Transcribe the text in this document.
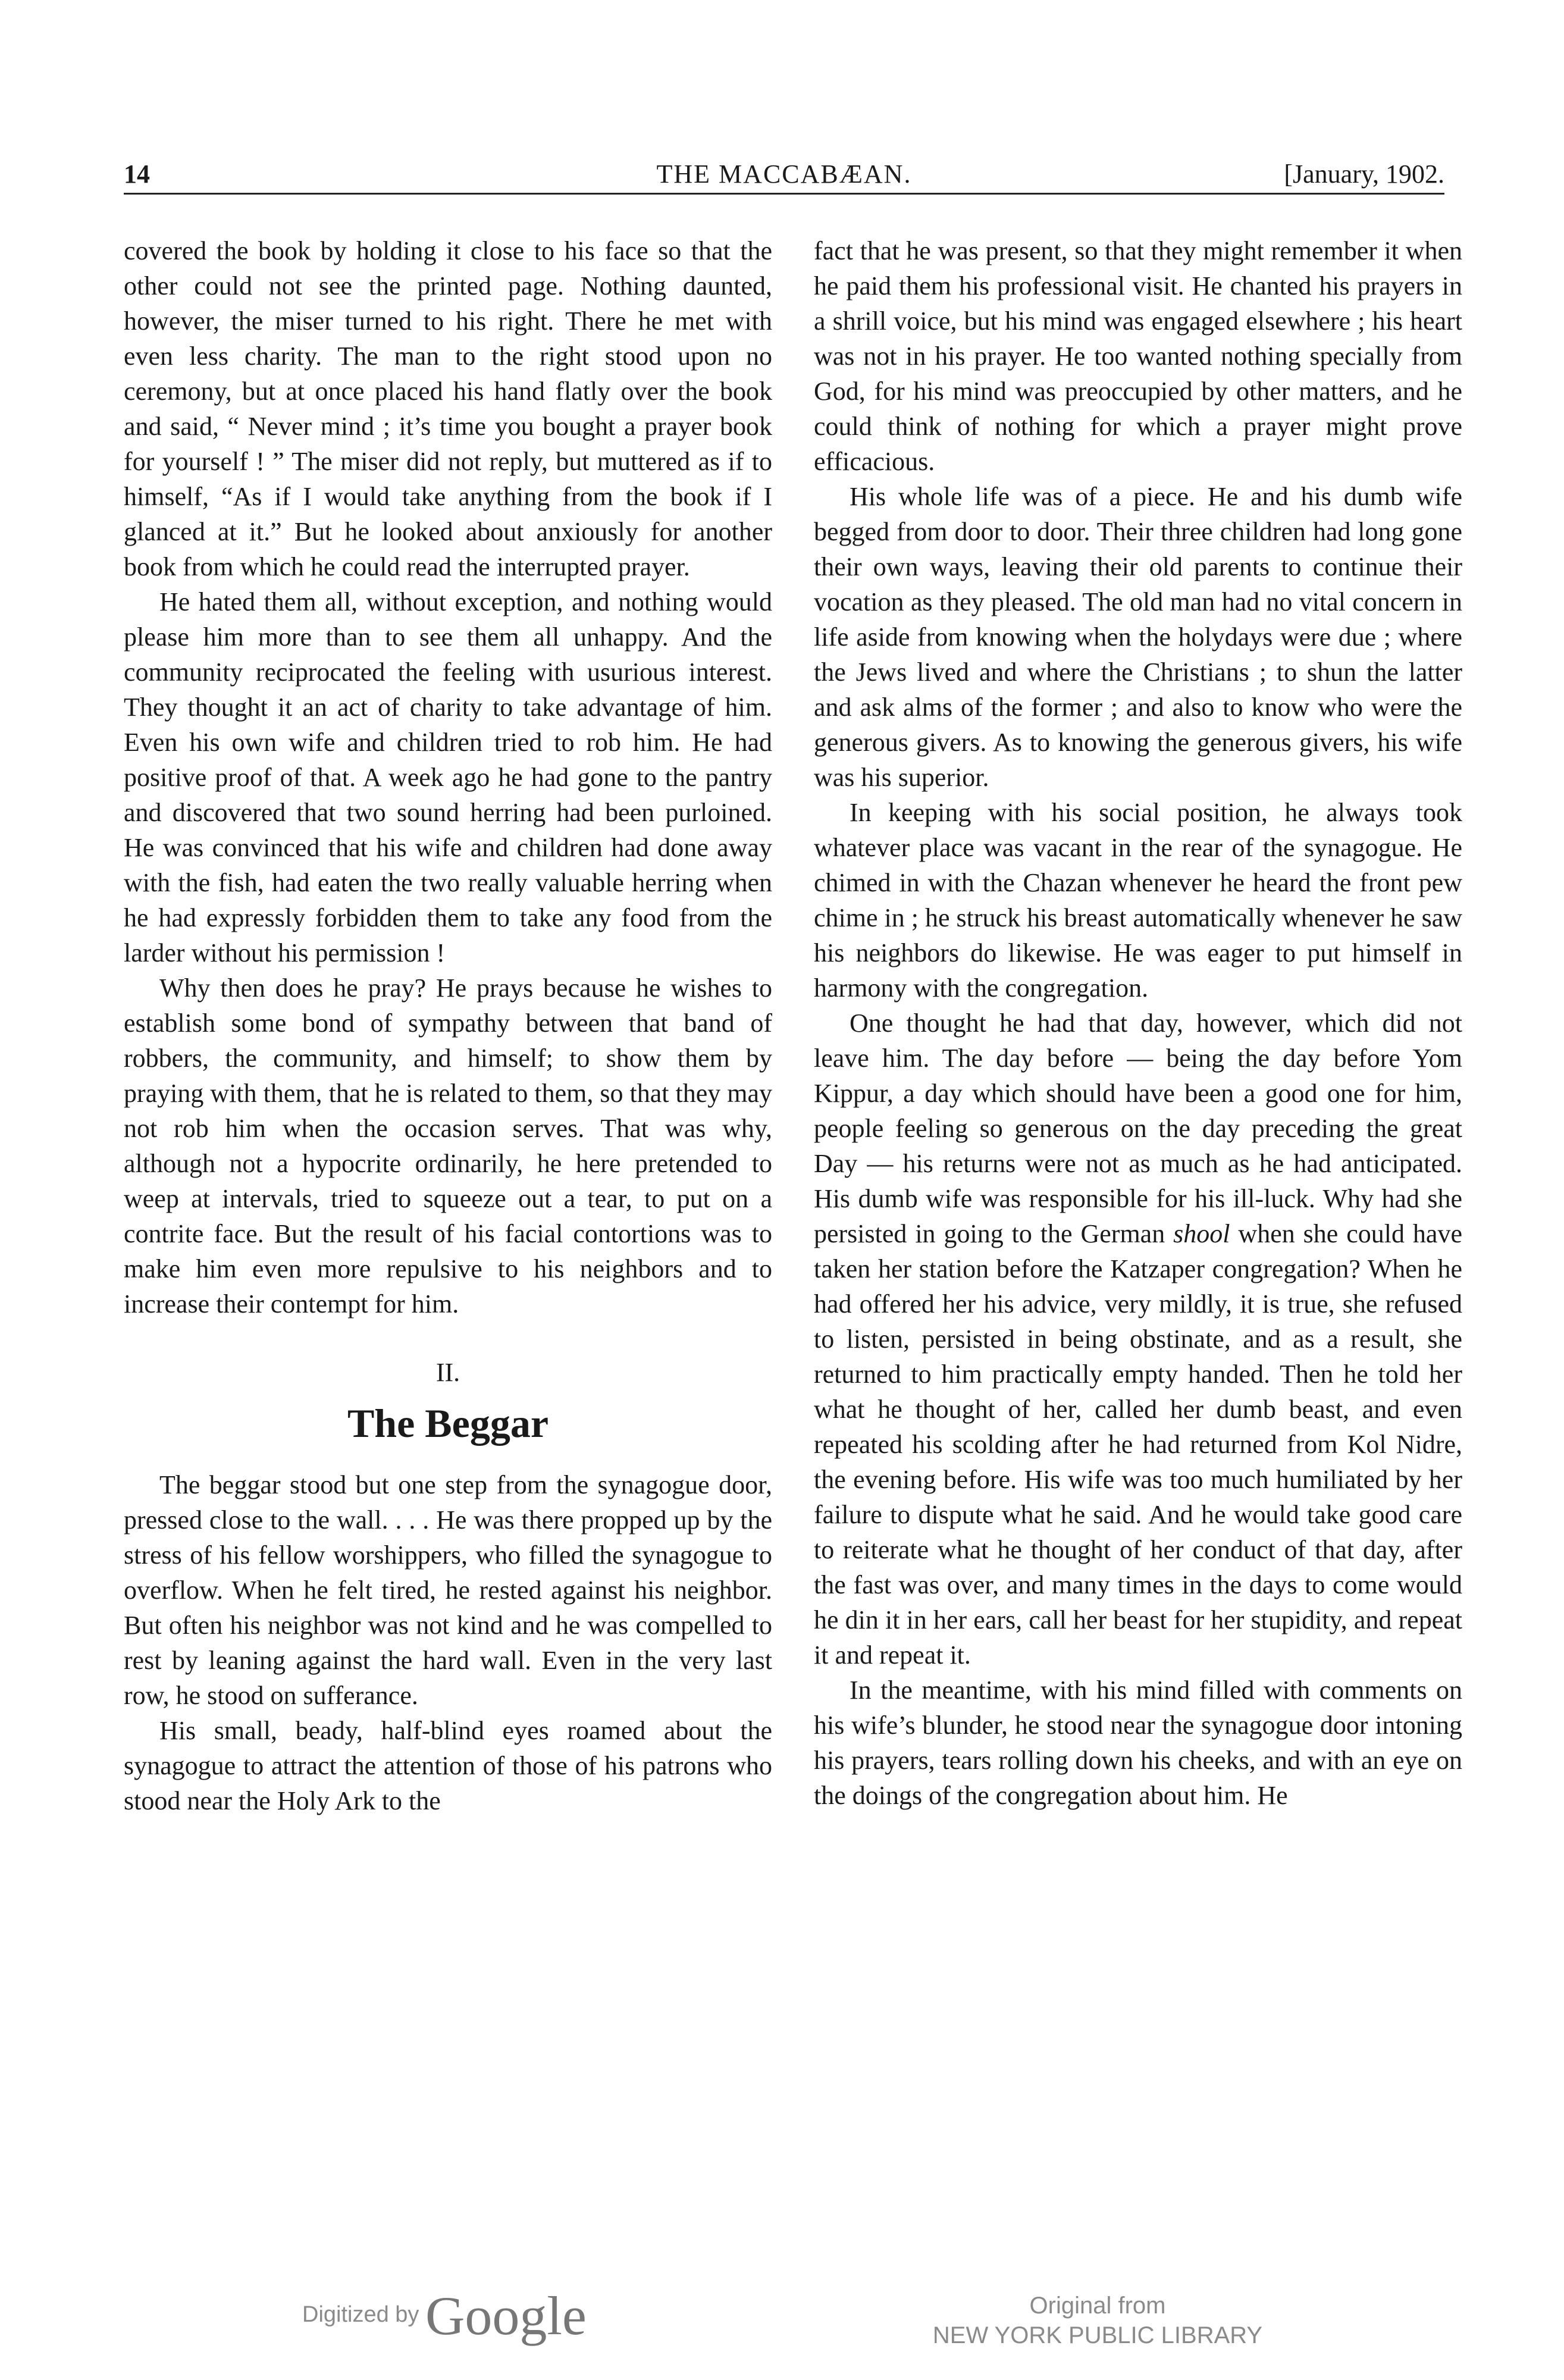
14	THE MACCABÆAN.	[January, 1902.

covered the book by holding it close to his face so that the other could not see the printed page. Nothing daunted, however, the miser turned to his right. There he met with even less charity. The man to the right stood upon no ceremony, but at once placed his hand flatly over the book and said, “ Never mind ; it’s time you bought a prayer book for yourself ! ” The miser did not reply, but muttered as if to himself, “As if I would take anything from the book if I glanced at it.” But he looked about anxiously for another book from which he could read the interrupted prayer.

He hated them all, without exception, and nothing would please him more than to see them all unhappy. And the community reciprocated the feeling with usurious interest. They thought it an act of charity to take advantage of him. Even his own wife and children tried to rob him. He had positive proof of that. A week ago he had gone to the pantry and discovered that two sound herring had been purloined. He was convinced that his wife and children had done away with the fish, had eaten the two really valuable herring when he had expressly forbidden them to take any food from the larder without his permission !

Why then does he pray? He prays because he wishes to establish some bond of sympathy between that band of robbers, the community, and himself; to show them by praying with them, that he is related to them, so that they may not rob him when the occasion serves. That was why, although not a hypocrite ordinarily, he here pretended to weep at intervals, tried to squeeze out a tear, to put on a contrite face. But the result of his facial contortions was to make him even more repulsive to his neighbors and to increase their contempt for him.

II.
The Beggar

The beggar stood but one step from the synagogue door, pressed close to the wall. . . . He was there propped up by the stress of his fellow worshippers, who filled the synagogue to overflow. When he felt tired, he rested against his neighbor. But often his neighbor was not kind and he was compelled to rest by leaning against the hard wall. Even in the very last row, he stood on sufferance.

His small, beady, half-blind eyes roamed about the synagogue to attract the attention of those of his patrons who stood near the Holy Ark to the

fact that he was present, so that they might remember it when he paid them his professional visit. He chanted his prayers in a shrill voice, but his mind was engaged elsewhere ; his heart was not in his prayer. He too wanted nothing specially from God, for his mind was preoccupied by other matters, and he could think of nothing for which a prayer might prove efficacious.

His whole life was of a piece. He and his dumb wife begged from door to door. Their three children had long gone their own ways, leaving their old parents to continue their vocation as they pleased. The old man had no vital concern in life aside from knowing when the holydays were due ; where the Jews lived and where the Christians ; to shun the latter and ask alms of the former ; and also to know who were the generous givers. As to knowing the generous givers, his wife was his superior.

In keeping with his social position, he always took whatever place was vacant in the rear of the synagogue. He chimed in with the Chazan whenever he heard the front pew chime in ; he struck his breast automatically whenever he saw his neighbors do likewise. He was eager to put himself in harmony with the congregation.

One thought he had that day, however, which did not leave him. The day before — being the day before Yom Kippur, a day which should have been a good one for him, people feeling so generous on the day preceding the great Day — his returns were not as much as he had anticipated. His dumb wife was responsible for his ill-luck. Why had she persisted in going to the German shool when she could have taken her station before the Katzaper congregation? When he had offered her his advice, very mildly, it is true, she refused to listen, persisted in being obstinate, and as a result, she returned to him practically empty handed. Then he told her what he thought of her, called her dumb beast, and even repeated his scolding after he had returned from Kol Nidre, the evening before. His wife was too much humiliated by her failure to dispute what he said. And he would take good care to reiterate what he thought of her conduct of that day, after the fast was over, and many times in the days to come would he din it in her ears, call her beast for her stupidity, and repeat it and repeat it.

In the meantime, with his mind filled with comments on his wife’s blunder, he stood near the synagogue door intoning his prayers, tears rolling down his cheeks, and with an eye on the doings of the congregation about him. He

Digitized by Google	Original from
NEW YORK PUBLIC LIBRARY
